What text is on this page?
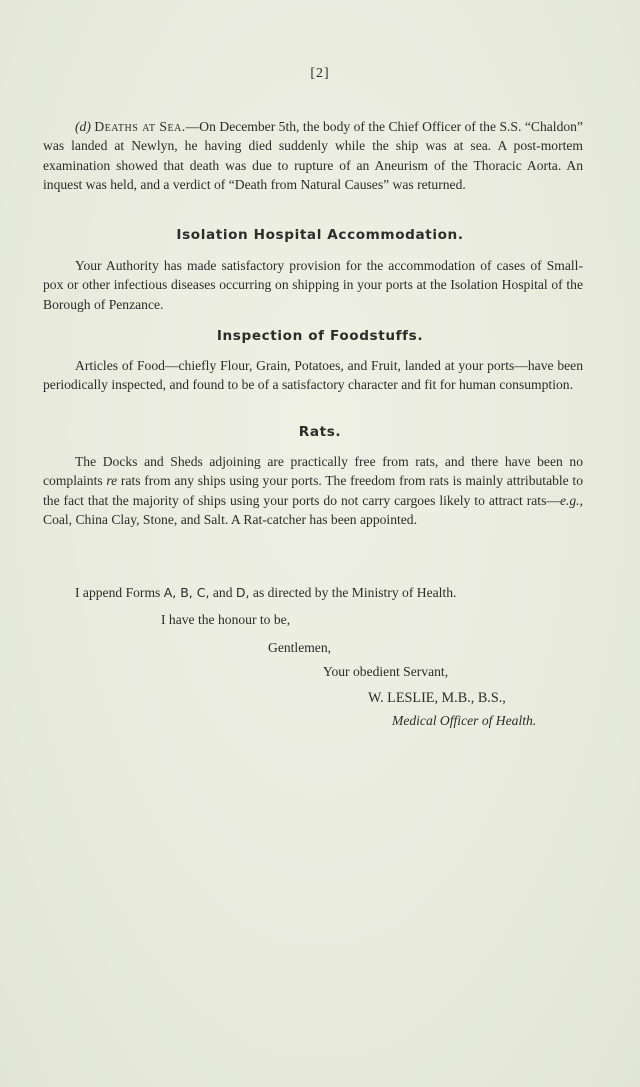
[2]

(d) Deaths at Sea.—On December 5th, the body of the Chief Officer of the S.S. “Chaldon” was landed at Newlyn, he having died suddenly while the ship was at sea. A post-mortem examination showed that death was due to rupture of an Aneurism of the Thoracic Aorta. An inquest was held, and a verdict of “Death from Natural Causes” was returned.

Isolation Hospital Accommodation.

Your Authority has made satisfactory provision for the accommodation of cases of Small-pox or other infectious diseases occurring on shipping in your ports at the Isolation Hospital of the Borough of Penzance.

Inspection of Foodstuffs.

Articles of Food—chiefly Flour, Grain, Potatoes, and Fruit, landed at your ports—have been periodically inspected, and found to be of a satisfactory character and fit for human consumption.

Rats.

The Docks and Sheds adjoining are practically free from rats, and there have been no complaints re rats from any ships using your ports. The freedom from rats is mainly attributable to the fact that the majority of ships using your ports do not carry cargoes likely to attract rats—e.g., Coal, China Clay, Stone, and Salt. A Rat-catcher has been appointed.

I append Forms A, B, C, and D, as directed by the Ministry of Health.

I have the honour to be,

Gentlemen,

Your obedient Servant,

W. LESLIE, M.B., B.S.,

Medical Officer of Health.
